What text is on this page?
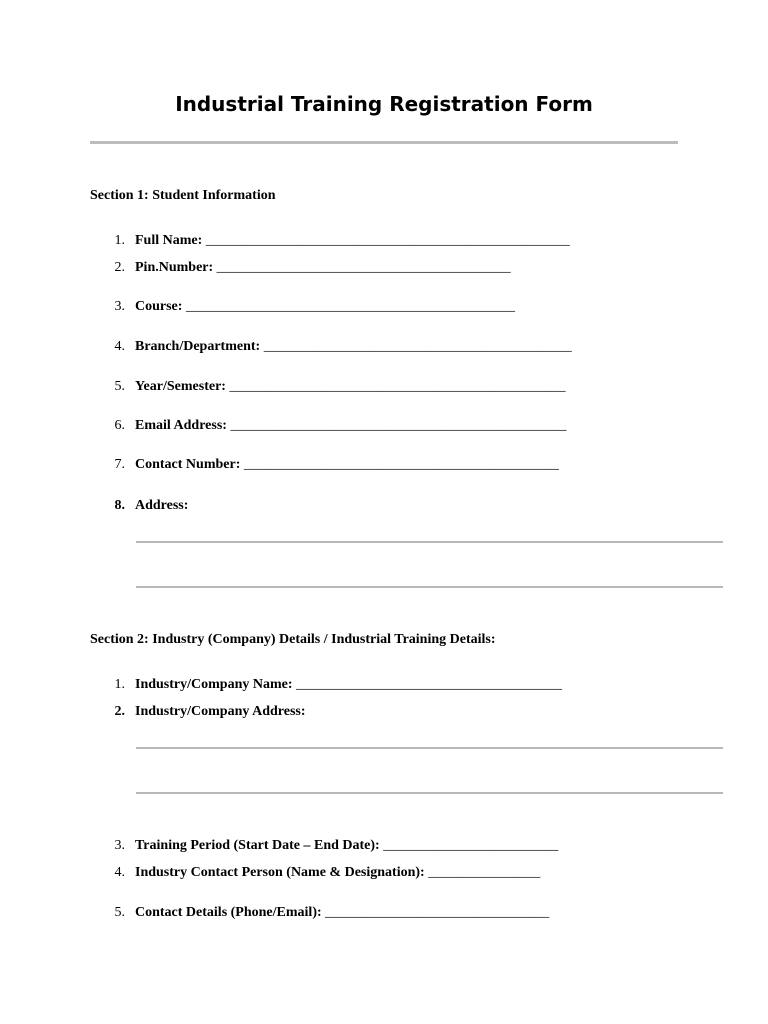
Industrial Training Registration Form
Section 1: Student Information
1. Full Name: ____________________________________________________
2. Pin.Number: __________________________________________
3. Course: _______________________________________________
4. Branch/Department: ____________________________________________
5. Year/Semester: ________________________________________________
6. Email Address: ________________________________________________
7. Contact Number: _____________________________________________
8. Address:
Section 2: Industry (Company) Details / Industrial Training Details:
1. Industry/Company Name: ______________________________________
2. Industry/Company Address:
3. Training Period (Start Date – End Date): _________________________
4. Industry Contact Person (Name & Designation): ________________
5. Contact Details (Phone/Email): ________________________________
